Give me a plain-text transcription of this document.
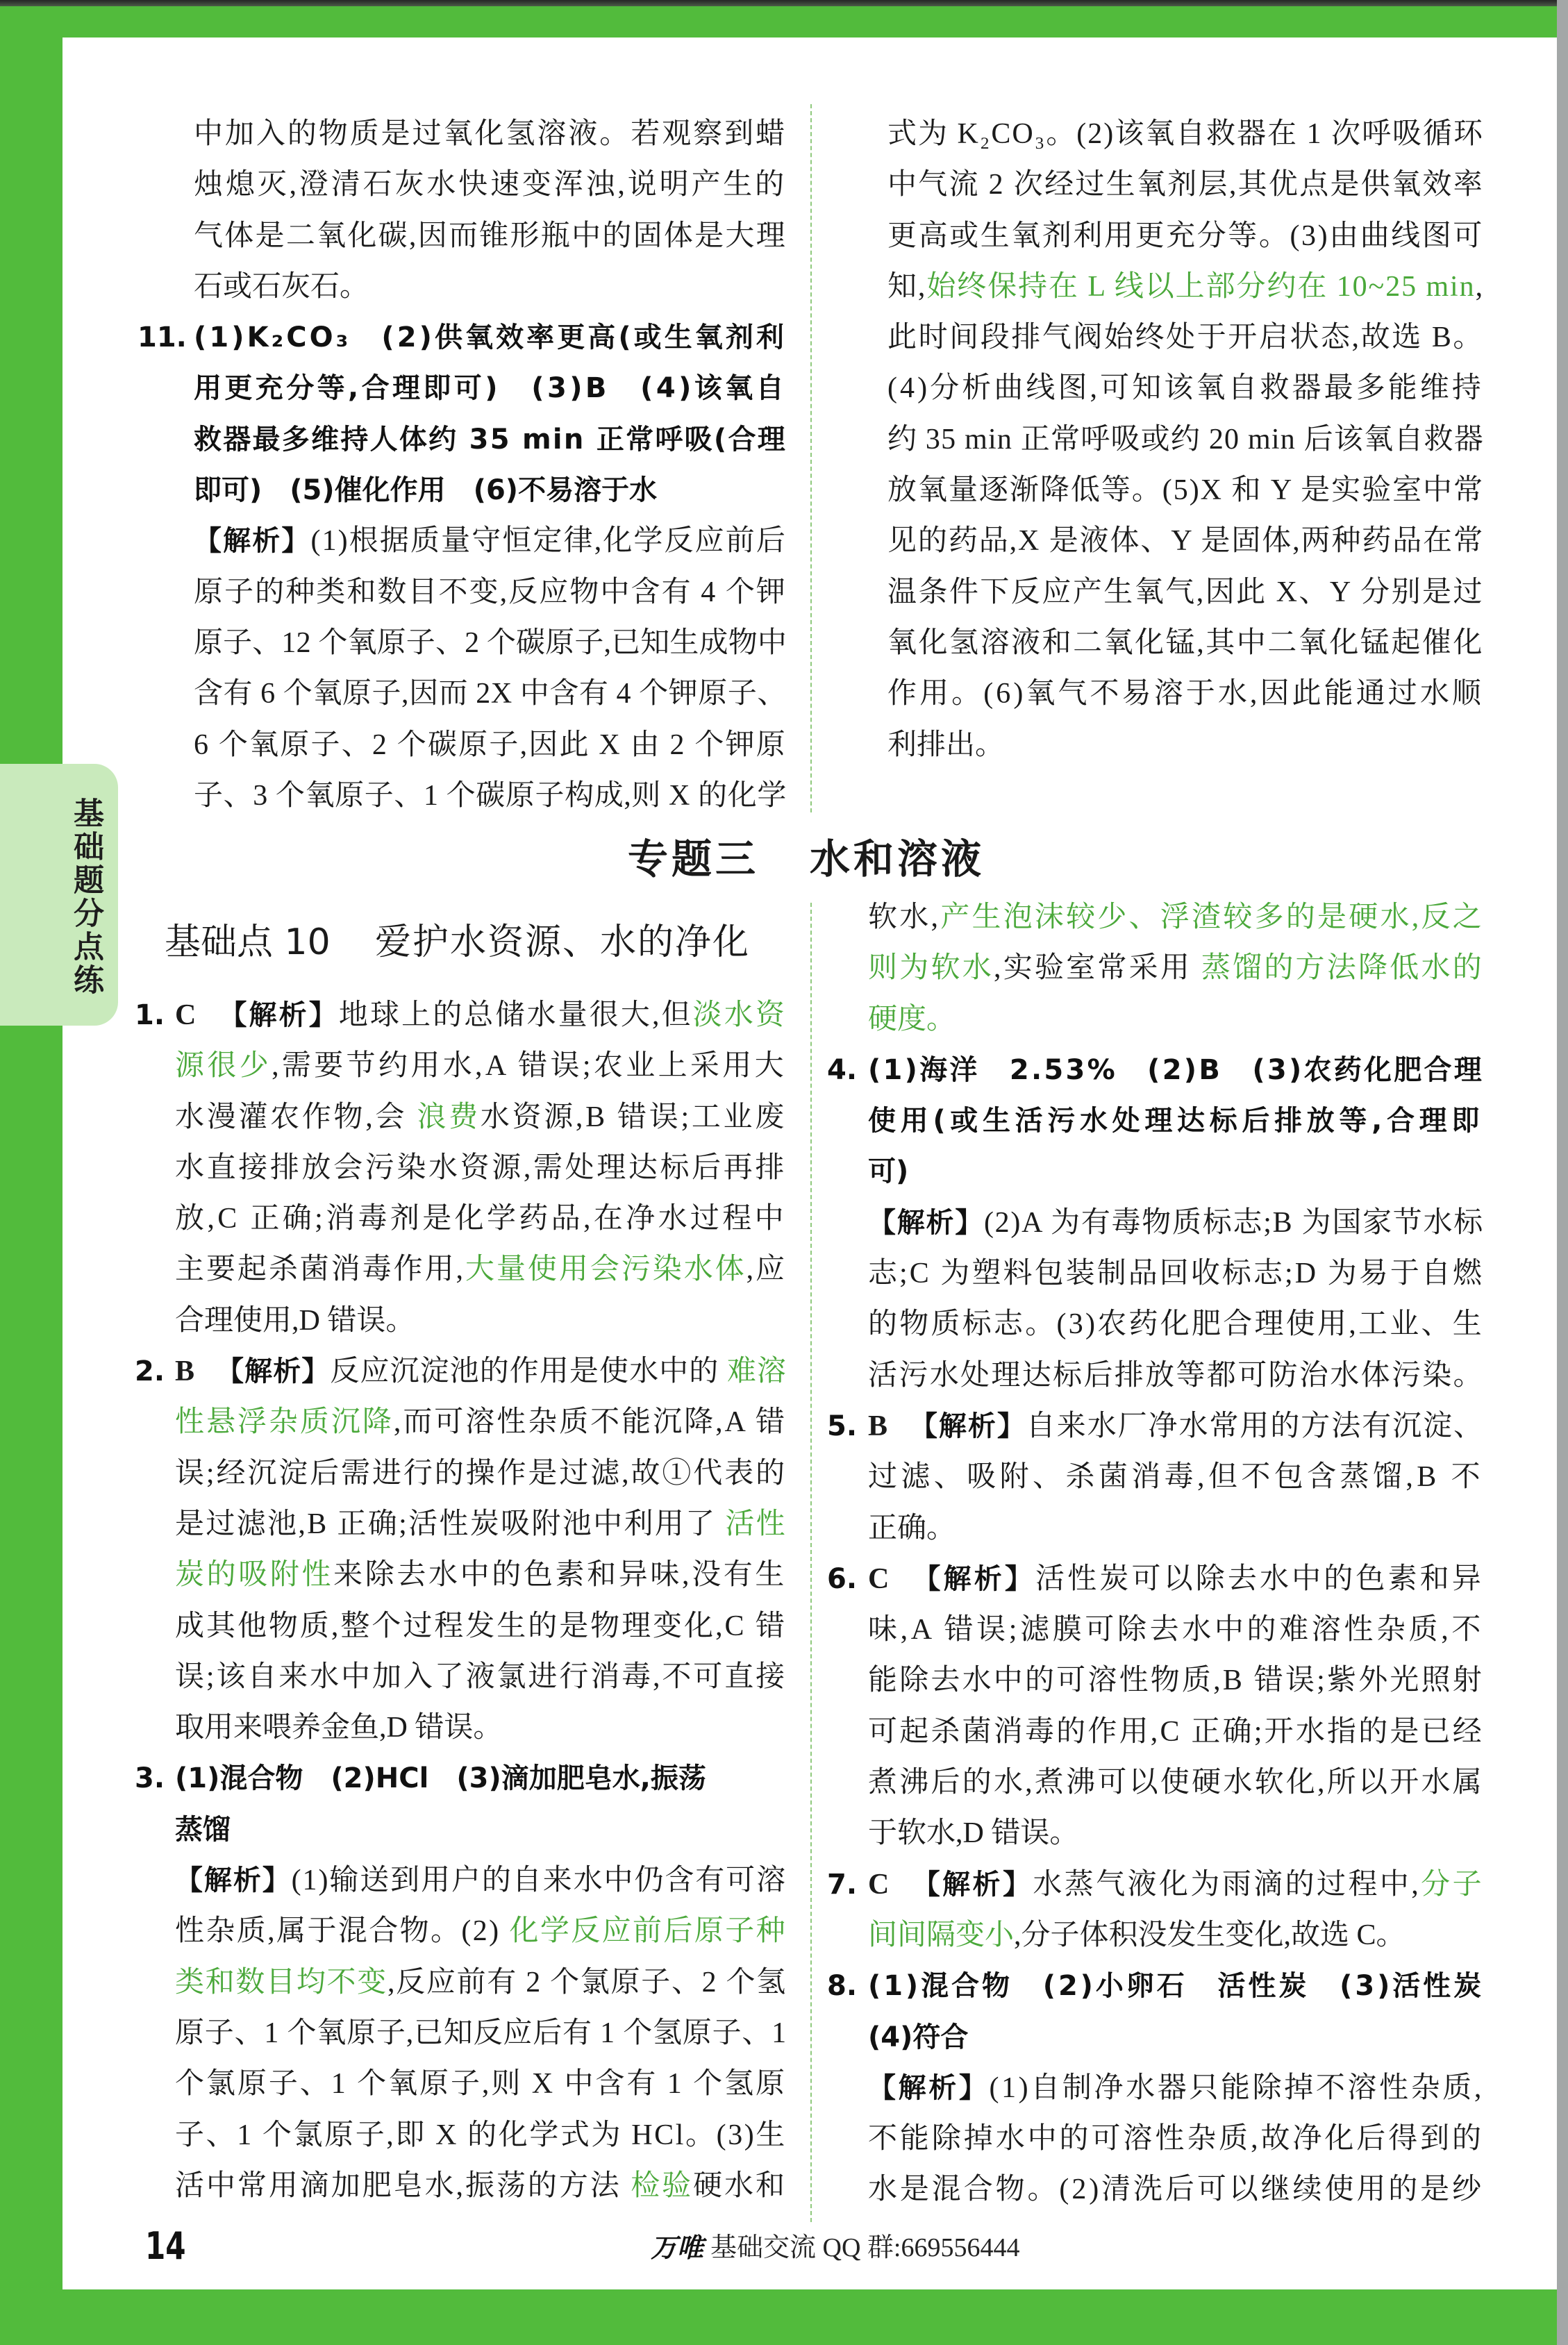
基础题分点练
中加入的物质是过氧化氢溶液。若观察到蜡
烛熄灭,澄清石灰水快速变浑浊,说明产生的
气体是二氧化碳,因而锥形瓶中的固体是大理
石或石灰石。
11. (1)K₂CO₃　(2)供氧效率更高(或生氧剂利
用更充分等,合理即可)　(3)B　(4)该氧自
救器最多维持人体约 35 min 正常呼吸(合理
即可)　(5)催化作用　(6)不易溶于水
【解析】(1)根据质量守恒定律,化学反应前后
原子的种类和数目不变,反应物中含有 4 个钾
原子、12 个氧原子、2 个碳原子,已知生成物中
含有 6 个氧原子,因而 2X 中含有 4 个钾原子、
6 个氧原子、2 个碳原子,因此 X 由 2 个钾原
子、3 个氧原子、1 个碳原子构成,则 X 的化学
式为 K₂CO₃。(2)该氧自救器在 1 次呼吸循环
中气流 2 次经过生氧剂层,其优点是供氧效率
更高或生氧剂利用更充分等。(3)由曲线图可
知,始终保持在 L 线以上部分约在 10~25 min,
此时间段排气阀始终处于开启状态,故选 B。
(4)分析曲线图,可知该氧自救器最多能维持
约 35 min 正常呼吸或约 20 min 后该氧自救器
放氧量逐渐降低等。(5)X 和 Y 是实验室中常
见的药品,X 是液体、Y 是固体,两种药品在常
温条件下反应产生氧气,因此 X、Y 分别是过
氧化氢溶液和二氧化锰,其中二氧化锰起催化
作用。(6)氧气不易溶于水,因此能通过水顺
利排出。
专题三 水和溶液
基础点 10 爱护水资源、水的净化
1. C 【解析】地球上的总储水量很大,但淡水资
源很少,需要节约用水,A 错误;农业上采用大
水漫灌农作物,会 浪费水资源,B 错误;工业废
水直接排放会污染水资源,需处理达标后再排
放,C 正确;消毒剂是化学药品,在净水过程中
主要起杀菌消毒作用,大量使用会污染水体,应
合理使用,D 错误。
2. B 【解析】反应沉淀池的作用是使水中的 难溶
性悬浮杂质沉降,而可溶性杂质不能沉降,A 错
误;经沉淀后需进行的操作是过滤,故①代表的
是过滤池,B 正确;活性炭吸附池中利用了 活性
炭的吸附性来除去水中的色素和异味,没有生
成其他物质,整个过程发生的是物理变化,C 错
误;该自来水中加入了液氯进行消毒,不可直接
取用来喂养金鱼,D 错误。
3. (1)混合物　(2)HCl　(3)滴加肥皂水,振荡
蒸馏
【解析】(1)输送到用户的自来水中仍含有可溶
性杂质,属于混合物。(2) 化学反应前后原子种
类和数目均不变,反应前有 2 个氯原子、2 个氢
原子、1 个氧原子,已知反应后有 1 个氢原子、1
个氯原子、1 个氧原子,则 X 中含有 1 个氢原
子、1 个氯原子,即 X 的化学式为 HCl。(3)生
活中常用滴加肥皂水,振荡的方法 检验硬水和
软水,产生泡沫较少、浮渣较多的是硬水,反之
则为软水,实验室常采用 蒸馏的方法降低水的
硬度。
4. (1)海洋　2.53%　(2)B　(3)农药化肥合理
使用(或生活污水处理达标后排放等,合理即
可)
【解析】(2)A 为有毒物质标志;B 为国家节水标
志;C 为塑料包装制品回收标志;D 为易于自燃
的物质标志。(3)农药化肥合理使用,工业、生
活污水处理达标后排放等都可防治水体污染。
5. B 【解析】自来水厂净水常用的方法有沉淀、
过滤、吸附、杀菌消毒,但不包含蒸馏,B 不
正确。
6. C 【解析】活性炭可以除去水中的色素和异
味,A 错误;滤膜可除去水中的难溶性杂质,不
能除去水中的可溶性物质,B 错误;紫外光照射
可起杀菌消毒的作用,C 正确;开水指的是已经
煮沸后的水,煮沸可以使硬水软化,所以开水属
于软水,D 错误。
7. C 【解析】水蒸气液化为雨滴的过程中,分子
间间隔变小,分子体积没发生变化,故选 C。
8. (1)混合物　(2)小卵石　活性炭　(3)活性炭
(4)符合
【解析】(1)自制净水器只能除掉不溶性杂质,
不能除掉水中的可溶性杂质,故净化后得到的
水是混合物。(2)清洗后可以继续使用的是纱
14	万唯 基础交流 QQ 群:669556444
